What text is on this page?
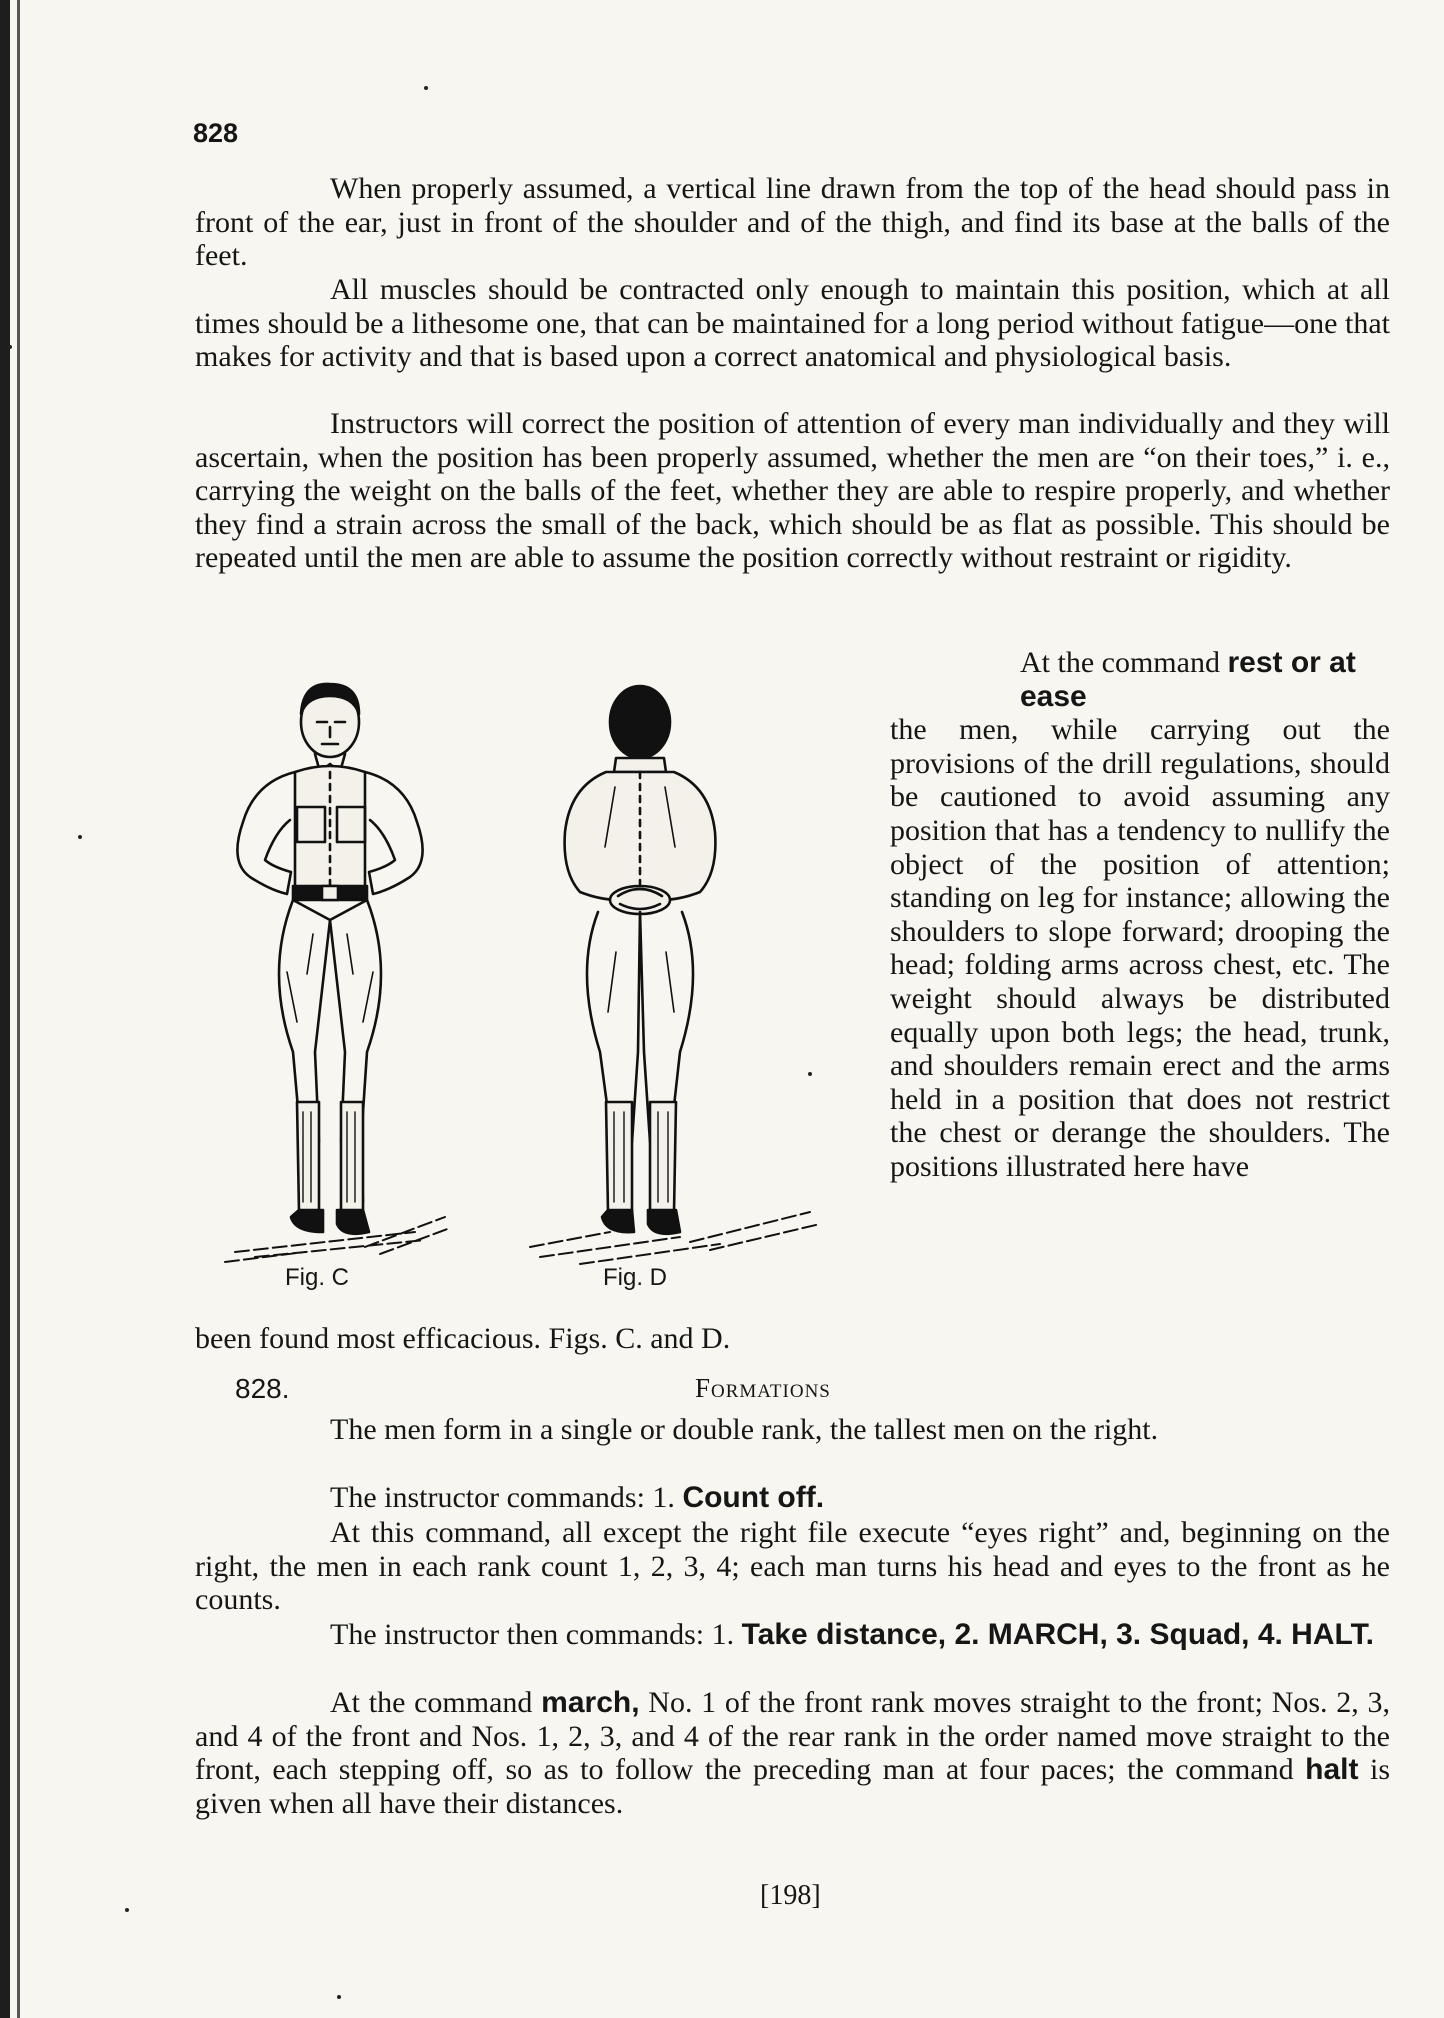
828

When properly assumed, a vertical line drawn from the top of the head should pass in front of the ear, just in front of the shoulder and of the thigh, and find its base at the balls of the feet.

All muscles should be contracted only enough to maintain this position, which at all times should be a lithesome one, that can be maintained for a long period without fatigue—one that makes for activity and that is based upon a correct anatomical and physiological basis.

Instructors will correct the position of attention of every man individually and they will ascertain, when the position has been properly assumed, whether the men are “on their toes,” i. e., carrying the weight on the balls of the feet, whether they are able to respire properly, and whether they find a strain across the small of the back, which should be as flat as possible. This should be repeated until the men are able to assume the position correctly without restraint or rigidity.

Fig. C	Fig. D

At the command rest or at ease
the men, while carrying out the provisions of the drill regulations, should be cautioned to avoid assuming any position that has a tendency to nullify the object of the position of attention; standing on leg for instance; allowing the shoulders to slope forward; drooping the head; folding arms across chest, etc. The weight should always be distributed equally upon both legs; the head, trunk, and shoulders remain erect and the arms held in a position that does not restrict the chest or derange the shoulders. The positions illustrated here have

been found most efficacious. Figs. C. and D.
828.	Formations

The men form in a single or double rank, the tallest men on the right.

The instructor commands: 1. Count off.

At this command, all except the right file execute “eyes right” and, beginning on the right, the men in each rank count 1, 2, 3, 4; each man turns his head and eyes to the front as he counts.

The instructor then commands: 1. Take distance, 2. MARCH, 3. Squad, 4. HALT.

At the command march, No. 1 of the front rank moves straight to the front; Nos. 2, 3, and 4 of the front and Nos. 1, 2, 3, and 4 of the rear rank in the order named move straight to the front, each stepping off, so as to follow the preceding man at four paces; the command halt is given when all have their distances.

[198]
